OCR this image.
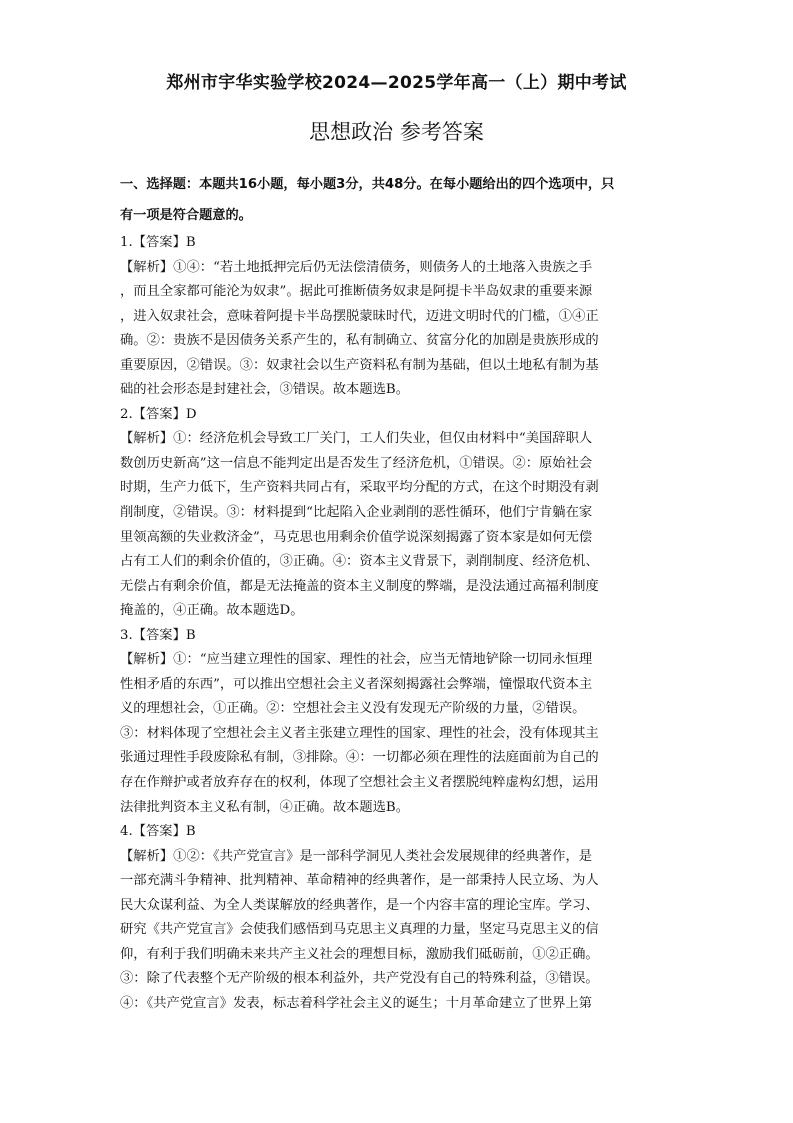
郑州市宇华实验学校2024—2025学年高一（上）期中考试
思想政治 参考答案
一、选择题：本题共16小题，每小题3分，共48分。在每小题给出的四个选项中，只
有一项是符合题意的。
1.【答案】B
【解析】①④：“若土地抵押完后仍无法偿清债务，则债务人的土地落入贵族之手
，而且全家都可能沦为奴隶”。据此可推断债务奴隶是阿提卡半岛奴隶的重要来源
，进入奴隶社会，意味着阿提卡半岛摆脱蒙昧时代，迈进文明时代的门槛，①④正
确。②：贵族不是因债务关系产生的，私有制确立、贫富分化的加剧是贵族形成的
重要原因，②错误。③：奴隶社会以生产资料私有制为基础，但以土地私有制为基
础的社会形态是封建社会，③错误。故本题选B。
2.【答案】D
【解析】①：经济危机会导致工厂关门，工人们失业，但仅由材料中“美国辞职人
数创历史新高”这一信息不能判定出是否发生了经济危机，①错误。②：原始社会
时期，生产力低下，生产资料共同占有，采取平均分配的方式，在这个时期没有剥
削制度，②错误。③：材料提到“比起陷入企业剥削的恶性循环，他们宁肯躺在家
里领高额的失业救济金”，马克思也用剩余价值学说深刻揭露了资本家是如何无偿
占有工人们的剩余价值的，③正确。④：资本主义背景下，剥削制度、经济危机、
无偿占有剩余价值，都是无法掩盖的资本主义制度的弊端，是没法通过高福利制度
掩盖的，④正确。故本题选D。
3.【答案】B
【解析】①：“应当建立理性的国家、理性的社会，应当无情地铲除一切同永恒理
性相矛盾的东西”，可以推出空想社会主义者深刻揭露社会弊端，憧憬取代资本主
义的理想社会，①正确。②：空想社会主义没有发现无产阶级的力量，②错误。
③：材料体现了空想社会主义者主张建立理性的国家、理性的社会，没有体现其主
张通过理性手段废除私有制，③排除。④：一切都必须在理性的法庭面前为自己的
存在作辩护或者放弃存在的权利，体现了空想社会主义者摆脱纯粹虚构幻想，运用
法律批判资本主义私有制，④正确。故本题选B。
4.【答案】B
【解析】①②：《共产党宣言》是一部科学洞见人类社会发展规律的经典著作，是
一部充满斗争精神、批判精神、革命精神的经典著作，是一部秉持人民立场、为人
民大众谋利益、为全人类谋解放的经典著作，是一个内容丰富的理论宝库。学习、
研究《共产党宣言》会使我们感悟到马克思主义真理的力量，坚定马克思主义的信
仰，有利于我们明确未来共产主义社会的理想目标，激励我们砥砺前，①②正确。
③：除了代表整个无产阶级的根本利益外，共产党没有自己的特殊利益，③错误。
④：《共产党宣言》发表，标志着科学社会主义的诞生；十月革命建立了世界上第
